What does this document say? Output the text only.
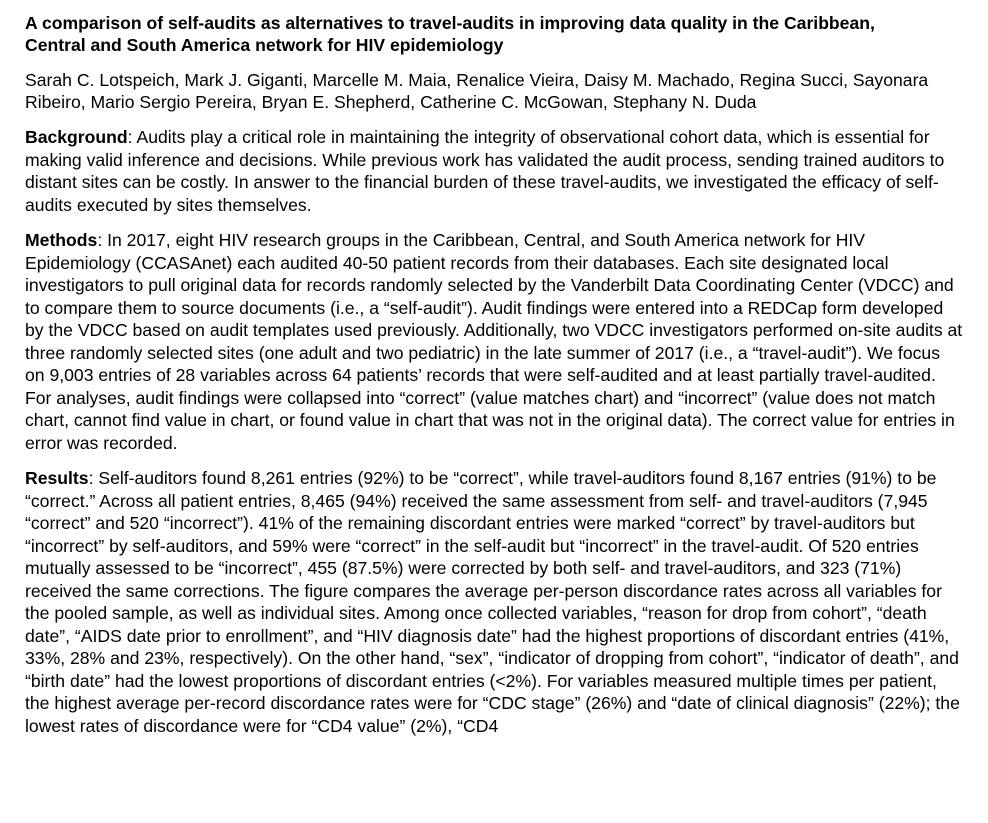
A comparison of self-audits as alternatives to travel-audits in improving data quality in the Caribbean, Central and South America network for HIV epidemiology
Sarah C. Lotspeich, Mark J. Giganti, Marcelle M. Maia, Renalice Vieira, Daisy M. Machado, Regina Succi, Sayonara Ribeiro, Mario Sergio Pereira, Bryan E. Shepherd, Catherine C. McGowan, Stephany N. Duda

Background: Audits play a critical role in maintaining the integrity of observational cohort data, which is essential for making valid inference and decisions. While previous work has validated the audit process, sending trained auditors to distant sites can be costly. In answer to the financial burden of these travel-audits, we investigated the efficacy of self-audits executed by sites themselves.

Methods: In 2017, eight HIV research groups in the Caribbean, Central, and South America network for HIV Epidemiology (CCASAnet) each audited 40-50 patient records from their databases. Each site designated local investigators to pull original data for records randomly selected by the Vanderbilt Data Coordinating Center (VDCC) and to compare them to source documents (i.e., a “self-audit”). Audit findings were entered into a REDCap form developed by the VDCC based on audit templates used previously. Additionally, two VDCC investigators performed on-site audits at three randomly selected sites (one adult and two pediatric) in the late summer of 2017 (i.e., a “travel-audit”). We focus on 9,003 entries of 28 variables across 64 patients’ records that were self-audited and at least partially travel-audited. For analyses, audit findings were collapsed into “correct” (value matches chart) and “incorrect” (value does not match chart, cannot find value in chart, or found value in chart that was not in the original data). The correct value for entries in error was recorded.

Results: Self-auditors found 8,261 entries (92%) to be “correct”, while travel-auditors found 8,167 entries (91%) to be “correct.” Across all patient entries, 8,465 (94%) received the same assessment from self- and travel-auditors (7,945 “correct” and 520 “incorrect”). 41% of the remaining discordant entries were marked “correct” by travel-auditors but “incorrect” by self-auditors, and 59% were “correct” in the self-audit but “incorrect” in the travel-audit. Of 520 entries mutually assessed to be “incorrect”, 455 (87.5%) were corrected by both self- and travel-auditors, and 323 (71%) received the same corrections. The figure compares the average per-person discordance rates across all variables for the pooled sample, as well as individual sites. Among once collected variables, “reason for drop from cohort”, “death date”, “AIDS date prior to enrollment”, and “HIV diagnosis date” had the highest proportions of discordant entries (41%, 33%, 28% and 23%, respectively). On the other hand, “sex”, “indicator of dropping from cohort”, “indicator of death”, and “birth date” had the lowest proportions of discordant entries (<2%). For variables measured multiple times per patient, the highest average per-record discordance rates were for “CDC stage” (26%) and “date of clinical diagnosis” (22%); the lowest rates of discordance were for “CD4 value” (2%), “CD4
